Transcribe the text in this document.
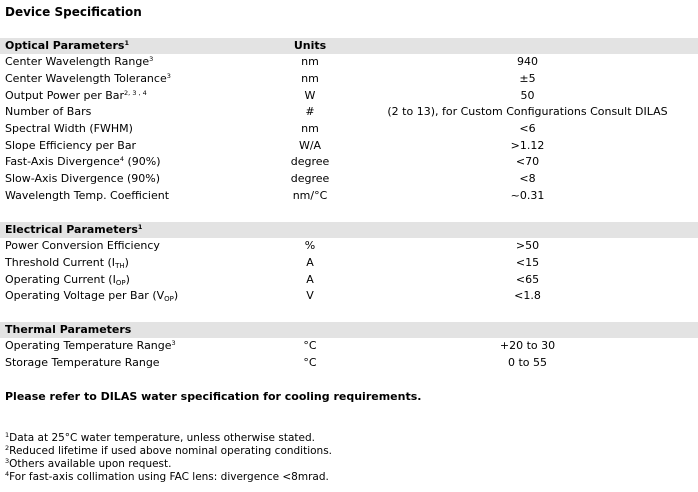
Device Specification
Optical Parameters$^1$	Units	
Center Wavelength Range$^3$	nm	940
Center Wavelength Tolerance$^3$	nm	±5
Output Power per Bar$^{2, 3 , 4}$	W	50
Number of Bars	#	(2 to 13), for Custom Configurations Consult DILAS
Spectral Width (FWHM)	nm	<6
Slope Efficiency per Bar	W/A	>1.12
Fast-Axis Divergence$^4$ (90%)	degree	<70
Slow-Axis Divergence (90%)	degree	<8
Wavelength Temp. Coefficient	nm/°C	~0.31
Electrical Parameters$^1$
Power Conversion Efficiency	%	>50
Threshold Current $(I_{TH})$	A	<15
Operating Current $(I_{OP})$	A	<65
Operating Voltage per Bar $(V_{OP})$	V	<1.8
Thermal Parameters		
Operating Temperature Range$^3$	°C	+20 to 30
Storage Temperature Range	°C	0 to 55
Please refer to DILAS water specification for cooling requirements.
$^1$Data at 25°C water temperature, unless otherwise stated.
$^2$Reduced lifetime if used above nominal operating conditions.
$^3$Others available upon request.
$^4$For fast-axis collimation using FAC lens: divergence <8mrad.
